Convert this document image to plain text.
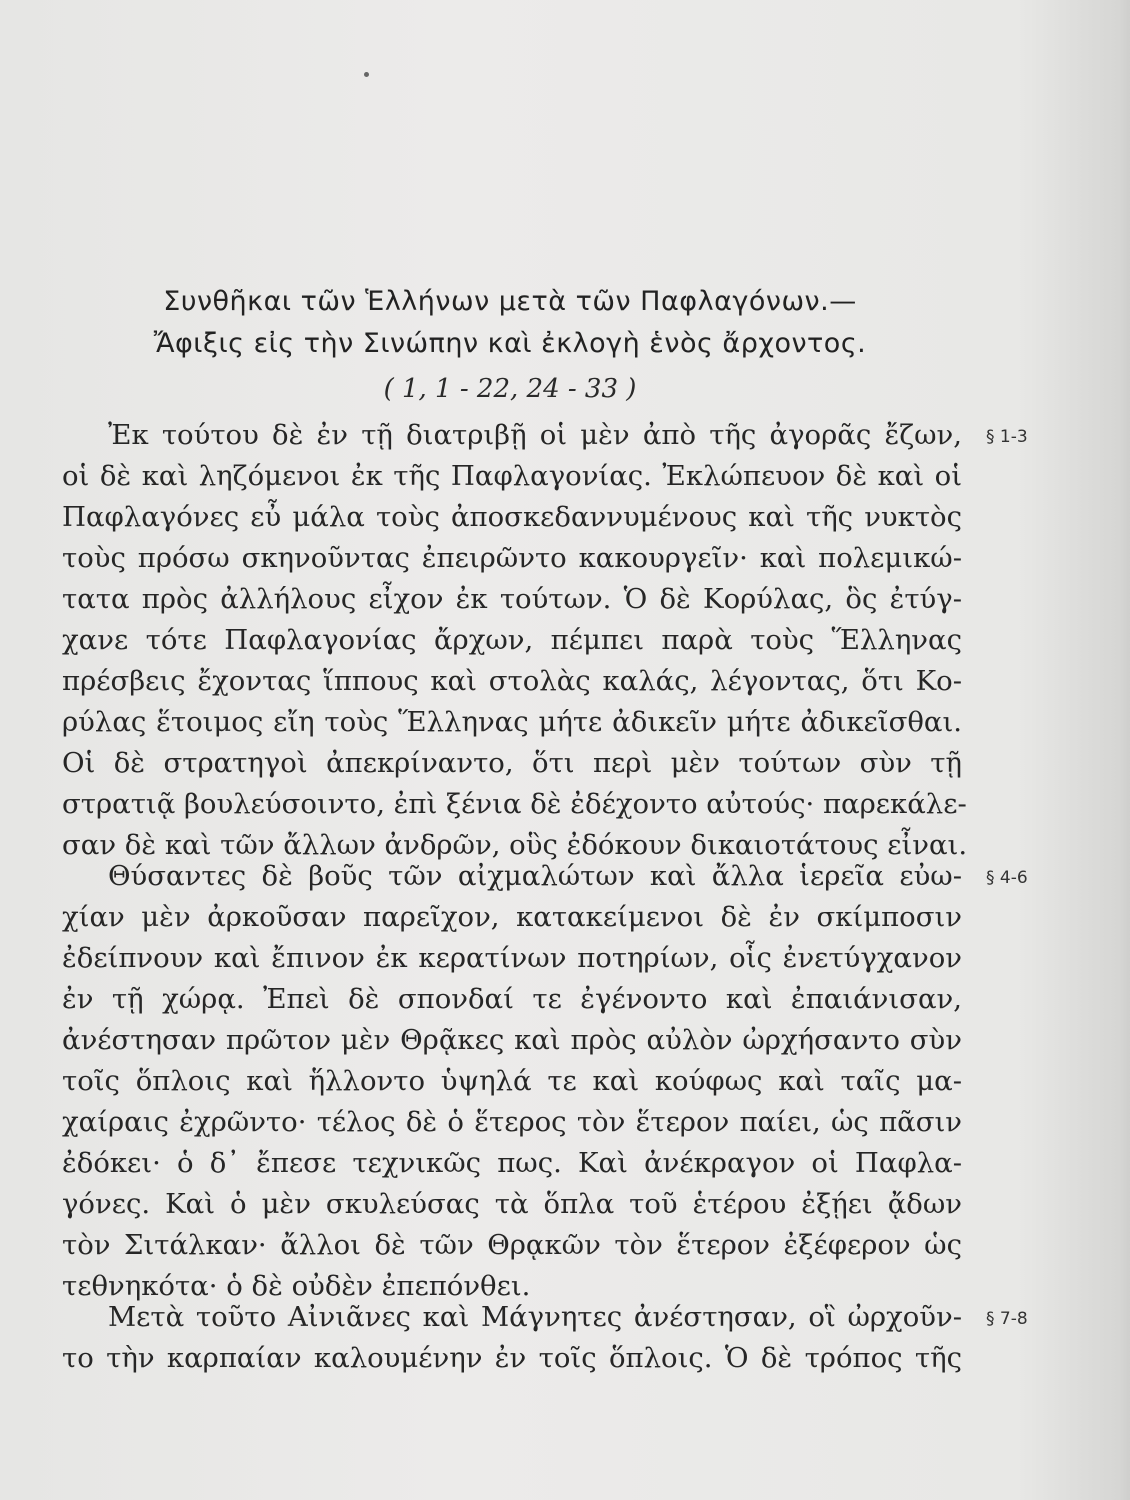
Συνθῆκαι τῶν Ἑλλήνων μετὰ τῶν Παφλαγόνων.—
Ἄφιξις εἰς τὴν Σινώπην καὶ ἐκλογὴ ἑνὸς ἄρχοντος.
( 1, 1 - 22, 24 - 33 )
§ 1-3
§ 4-6
§ 7-8
Ἐκ τούτου δὲ ἐν τῇ διατριβῇ οἱ μὲν ἀπὸ τῆς ἀγορᾶς ἔζων,
οἱ δὲ καὶ ληζόμενοι ἐκ τῆς Παφλαγονίας. Ἐκλώπευον δὲ καὶ οἱ
Παφλαγόνες εὖ μάλα τοὺς ἀποσκεδαννυμένους καὶ τῆς νυκτὸς
τοὺς πρόσω σκηνοῦντας ἐπειρῶντο κακουργεῖν· καὶ πολεμικώ-
τατα πρὸς ἀλλήλους εἶχον ἐκ τούτων. Ὁ δὲ Κορύλας, ὃς ἐτύγ-
χανε τότε Παφλαγονίας ἄρχων, πέμπει παρὰ τοὺς Ἕλληνας
πρέσβεις ἔχοντας ἵππους καὶ στολὰς καλάς, λέγοντας, ὅτι Κο-
ρύλας ἕτοιμος εἴη τοὺς Ἕλληνας μήτε ἀδικεῖν μήτε ἀδικεῖσθαι.
Οἱ δὲ στρατηγοὶ ἀπεκρίναντο, ὅτι περὶ μὲν τούτων σὺν τῇ
στρατιᾷ βουλεύσοιντο, ἐπὶ ξένια δὲ ἐδέχοντο αὐτούς· παρεκάλε-
σαν δὲ καὶ τῶν ἄλλων ἀνδρῶν, οὓς ἐδόκουν δικαιοτάτους εἶναι.
Θύσαντες δὲ βοῦς τῶν αἰχμαλώτων καὶ ἄλλα ἱερεῖα εὐω-
χίαν μὲν ἀρκοῦσαν παρεῖχον, κατακείμενοι δὲ ἐν σκίμποσιν
ἐδείπνουν καὶ ἔπινον ἐκ κερατίνων ποτηρίων, οἷς ἐνετύγχανον
ἐν τῇ χώρᾳ. Ἐπεὶ δὲ σπονδαί τε ἐγένοντο καὶ ἐπαιάνισαν,
ἀνέστησαν πρῶτον μὲν Θρᾷκες καὶ πρὸς αὐλὸν ὠρχήσαντο σὺν
τοῖς ὅπλοις καὶ ἥλλοντο ὑψηλά τε καὶ κούφως καὶ ταῖς μα-
χαίραις ἐχρῶντο· τέλος δὲ ὁ ἕτερος τὸν ἕτερον παίει, ὡς πᾶσιν
ἐδόκει· ὁ δ᾽ ἔπεσε τεχνικῶς πως. Καὶ ἀνέκραγον οἱ Παφλα-
γόνες. Καὶ ὁ μὲν σκυλεύσας τὰ ὅπλα τοῦ ἑτέρου ἐξῄει ᾄδων
τὸν Σιτάλκαν· ἄλλοι δὲ τῶν Θρᾳκῶν τὸν ἕτερον ἐξέφερον ὡς
τεθνηκότα· ὁ δὲ οὐδὲν ἐπεπόνθει.
Μετὰ τοῦτο Αἰνιᾶνες καὶ Μάγνητες ἀνέστησαν, οἳ ὠρχοῦν-
το τὴν καρπαίαν καλουμένην ἐν τοῖς ὅπλοις. Ὁ δὲ τρόπος τῆς
